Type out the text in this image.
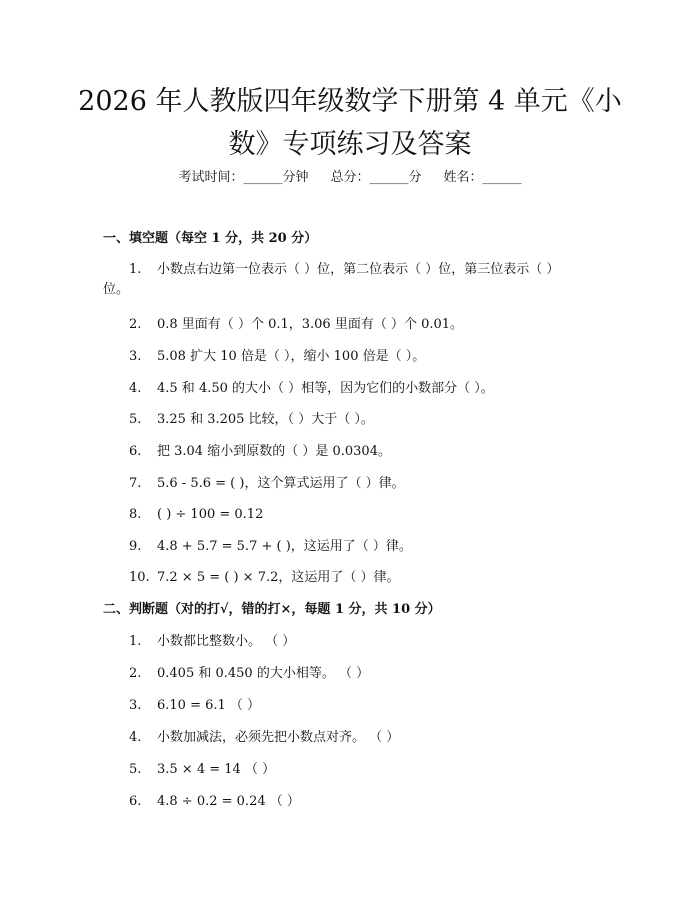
2026 年人教版四年级数学下册第 4 单元《小
数》专项练习及答案
考试时间：______分钟 总分：______分 姓名：______
一、填空题（每空 1 分，共 20 分）
1. 小数点右边第一位表示（ ）位，第二位表示（ ）位，第三位表示（ ）
位。
2. 0.8 里面有（ ）个 0.1，3.06 里面有（ ）个 0.01。
3. 5.08 扩大 10 倍是（ ），缩小 100 倍是（ ）。
4. 4.5 和 4.50 的大小（ ）相等，因为它们的小数部分（ ）。
5. 3.25 和 3.205 比较，（ ）大于（ ）。
6. 把 3.04 缩小到原数的（ ）是 0.0304。
7. 5.6 - 5.6 = ( )，这个算式运用了（ ）律。
8. ( ) ÷ 100 = 0.12
9. 4.8 + 5.7 = 5.7 + ( )，这运用了（ ）律。
10. 7.2 × 5 = ( ) × 7.2，这运用了（ ）律。
二、判断题（对的打√，错的打×，每题 1 分，共 10 分）
1. 小数都比整数小。 （ ）
2. 0.405 和 0.450 的大小相等。 （ ）
3. 6.10 = 6.1 （ ）
4. 小数加减法，必须先把小数点对齐。 （ ）
5. 3.5 × 4 = 14 （ ）
6. 4.8 ÷ 0.2 = 0.24 （ ）
